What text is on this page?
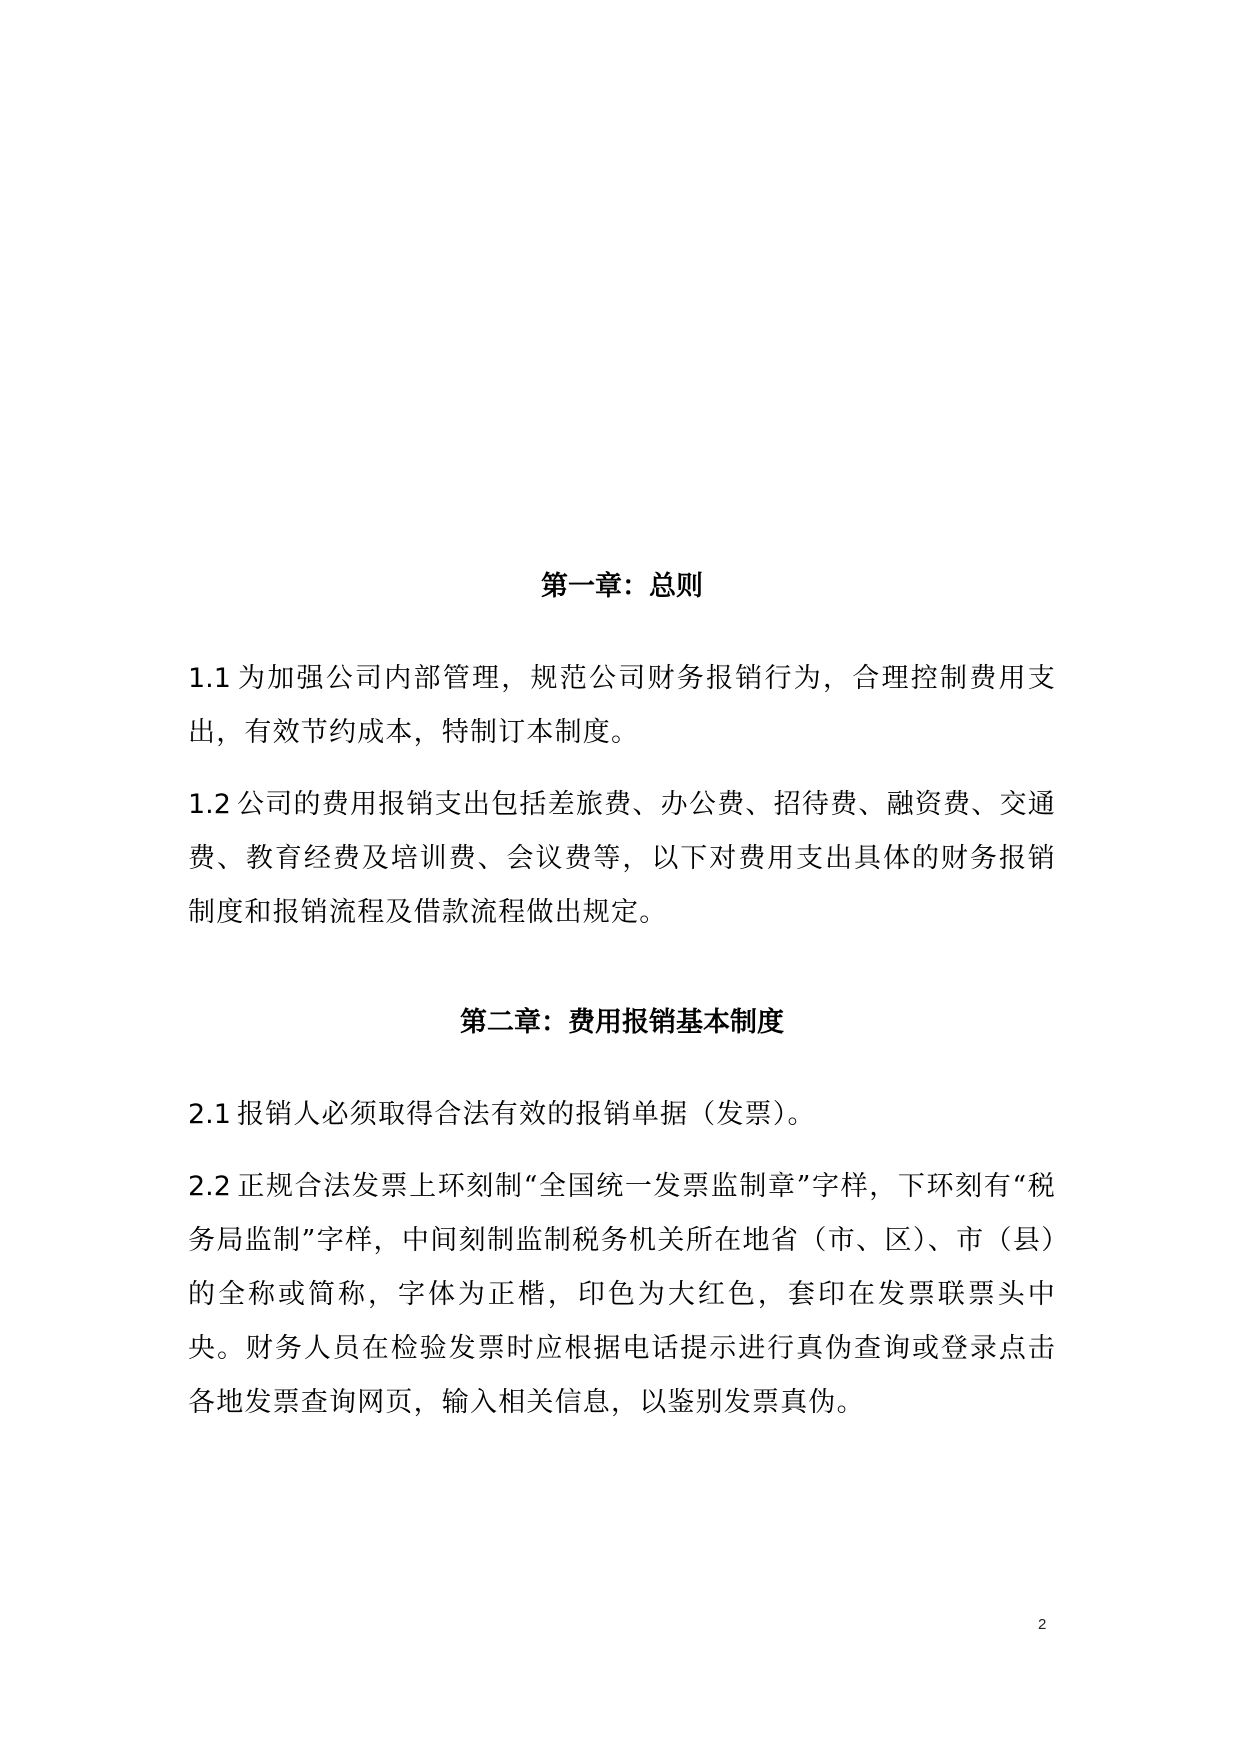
第一章：总则

1.1 为加强公司内部管理，规范公司财务报销行为，合理控制费用支出，有效节约成本，特制订本制度。

1.2 公司的费用报销支出包括差旅费、办公费、招待费、融资费、交通费、教育经费及培训费、会议费等，以下对费用支出具体的财务报销制度和报销流程及借款流程做出规定。

第二章：费用报销基本制度

2.1 报销人必须取得合法有效的报销单据（发票）。

2.2 正规合法发票上环刻制“全国统一发票监制章”字样，下环刻有“税务局监制”字样，中间刻制监制税务机关所在地省（市、区）、市（县）的全称或简称，字体为正楷，印色为大红色，套印在发票联票头中央。财务人员在检验发票时应根据电话提示进行真伪查询或登录点击各地发票查询网页，输入相关信息，以鉴别发票真伪。

2
